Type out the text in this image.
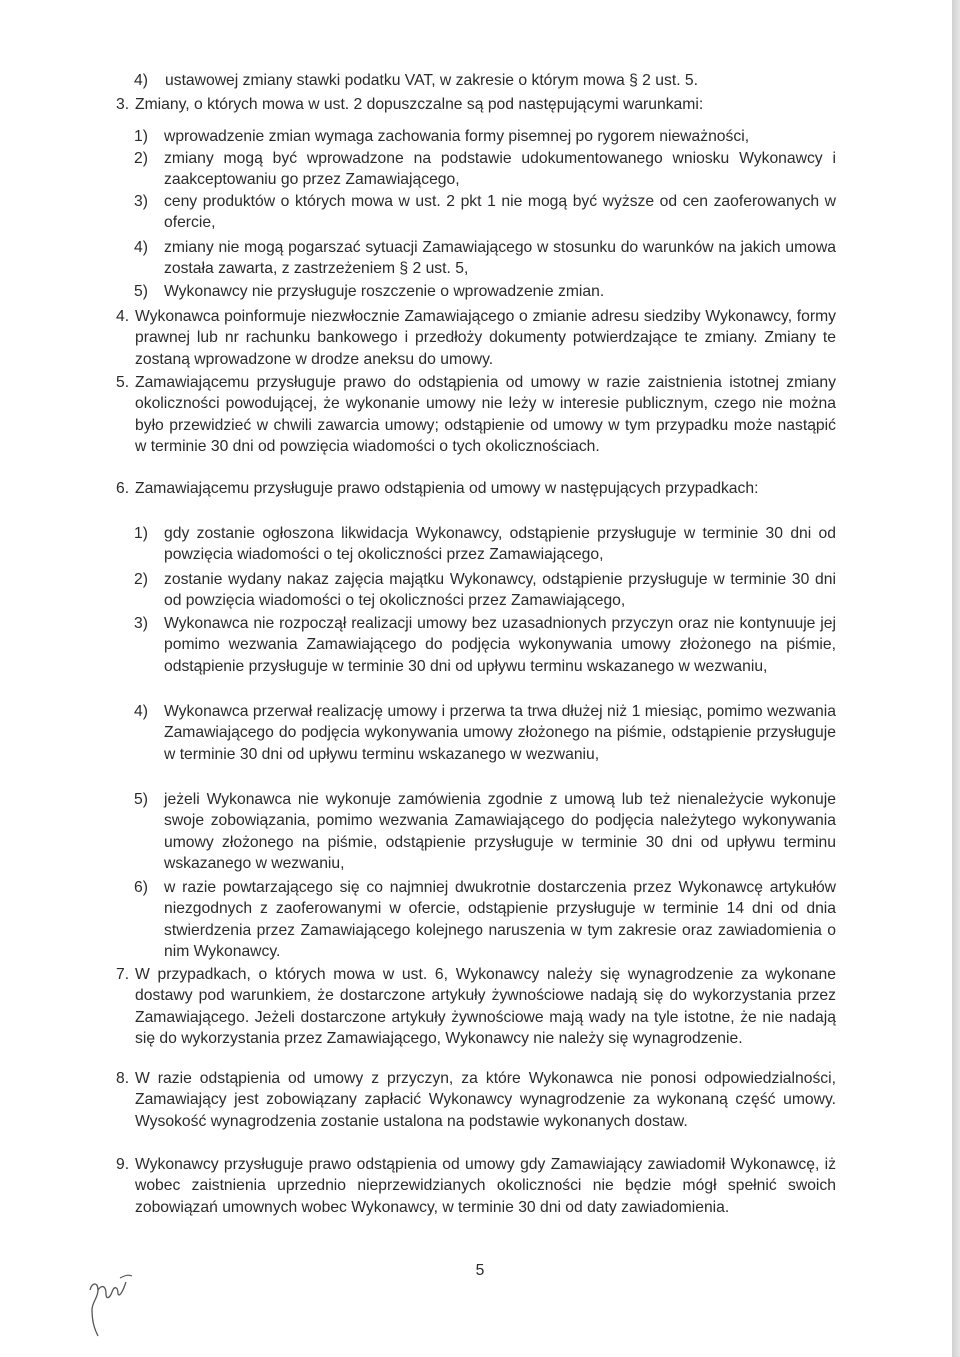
4)	ustawowej zmiany stawki podatku VAT, w zakresie o którym mowa § 2 ust. 5.
3. Zmiany, o których mowa w ust. 2 dopuszczalne są pod następującymi warunkami:
1)	wprowadzenie zmian wymaga zachowania formy pisemnej po rygorem nieważności,
2)	zmiany mogą być wprowadzone na podstawie udokumentowanego wniosku Wykonawcy i zaakceptowaniu go przez Zamawiającego,
3)	ceny produktów o których mowa w ust. 2 pkt 1 nie mogą być wyższe od cen zaoferowanych w ofercie,
4)	zmiany nie mogą pogarszać sytuacji Zamawiającego w stosunku do warunków na jakich umowa została zawarta, z zastrzeżeniem § 2 ust. 5,
5)	Wykonawcy nie przysługuje roszczenie o wprowadzenie zmian.
4. Wykonawca poinformuje niezwłocznie Zamawiającego o zmianie adresu siedziby Wykonawcy, formy prawnej lub nr rachunku bankowego i przedłoży dokumenty potwierdzające te zmiany. Zmiany te zostaną wprowadzone w drodze aneksu do umowy.
5. Zamawiającemu przysługuje prawo do odstąpienia od umowy w razie zaistnienia istotnej zmiany okoliczności powodującej, że wykonanie umowy nie leży w interesie publicznym, czego nie można było przewidzieć w chwili zawarcia umowy; odstąpienie od umowy w tym przypadku może nastąpić w terminie 30 dni od powzięcia wiadomości o tych okolicznościach.
6. Zamawiającemu przysługuje prawo odstąpienia od umowy w następujących przypadkach:
1)	gdy zostanie ogłoszona likwidacja Wykonawcy, odstąpienie przysługuje w terminie 30 dni od powzięcia wiadomości o tej okoliczności przez Zamawiającego,
2)	zostanie wydany nakaz zajęcia majątku Wykonawcy, odstąpienie przysługuje w terminie 30 dni od powzięcia wiadomości o tej okoliczności przez Zamawiającego,
3)	Wykonawca nie rozpoczął realizacji umowy bez uzasadnionych przyczyn oraz nie kontynuuje jej pomimo wezwania Zamawiającego do podjęcia wykonywania umowy złożonego na piśmie, odstąpienie przysługuje w terminie 30 dni od upływu terminu wskazanego w wezwaniu,
4)	Wykonawca przerwał realizację umowy i przerwa ta trwa dłużej niż 1 miesiąc, pomimo wezwania Zamawiającego do podjęcia wykonywania umowy złożonego na piśmie, odstąpienie przysługuje w terminie 30 dni od upływu terminu wskazanego w wezwaniu,
5)	jeżeli Wykonawca nie wykonuje zamówienia zgodnie z umową lub też nienależycie wykonuje swoje zobowiązania, pomimo wezwania Zamawiającego do podjęcia należytego wykonywania umowy złożonego na piśmie, odstąpienie przysługuje w terminie 30 dni od upływu terminu wskazanego w wezwaniu,
6)	w razie powtarzającego się co najmniej dwukrotnie dostarczenia przez Wykonawcę artykułów niezgodnych z zaoferowanymi w ofercie, odstąpienie przysługuje w terminie 14 dni od dnia stwierdzenia przez Zamawiającego kolejnego naruszenia w tym zakresie oraz zawiadomienia o nim Wykonawcy.
7. W przypadkach, o których mowa w ust. 6, Wykonawcy należy się wynagrodzenie za wykonane dostawy pod warunkiem, że dostarczone artykuły żywnościowe nadają się do wykorzystania przez Zamawiającego. Jeżeli dostarczone artykuły żywnościowe mają wady na tyle istotne, że nie nadają się do wykorzystania przez Zamawiającego, Wykonawcy nie należy się wynagrodzenie.
8. W razie odstąpienia od umowy z przyczyn, za które Wykonawca nie ponosi odpowiedzialności, Zamawiający jest zobowiązany zapłacić Wykonawcy wynagrodzenie za wykonaną część umowy. Wysokość wynagrodzenia zostanie ustalona na podstawie wykonanych dostaw.
9. Wykonawcy przysługuje prawo odstąpienia od umowy gdy Zamawiający zawiadomił Wykonawcę, iż wobec zaistnienia uprzednio nieprzewidzianych okoliczności nie będzie mógł spełnić swoich zobowiązań umownych wobec Wykonawcy, w terminie 30 dni od daty zawiadomienia.
5
